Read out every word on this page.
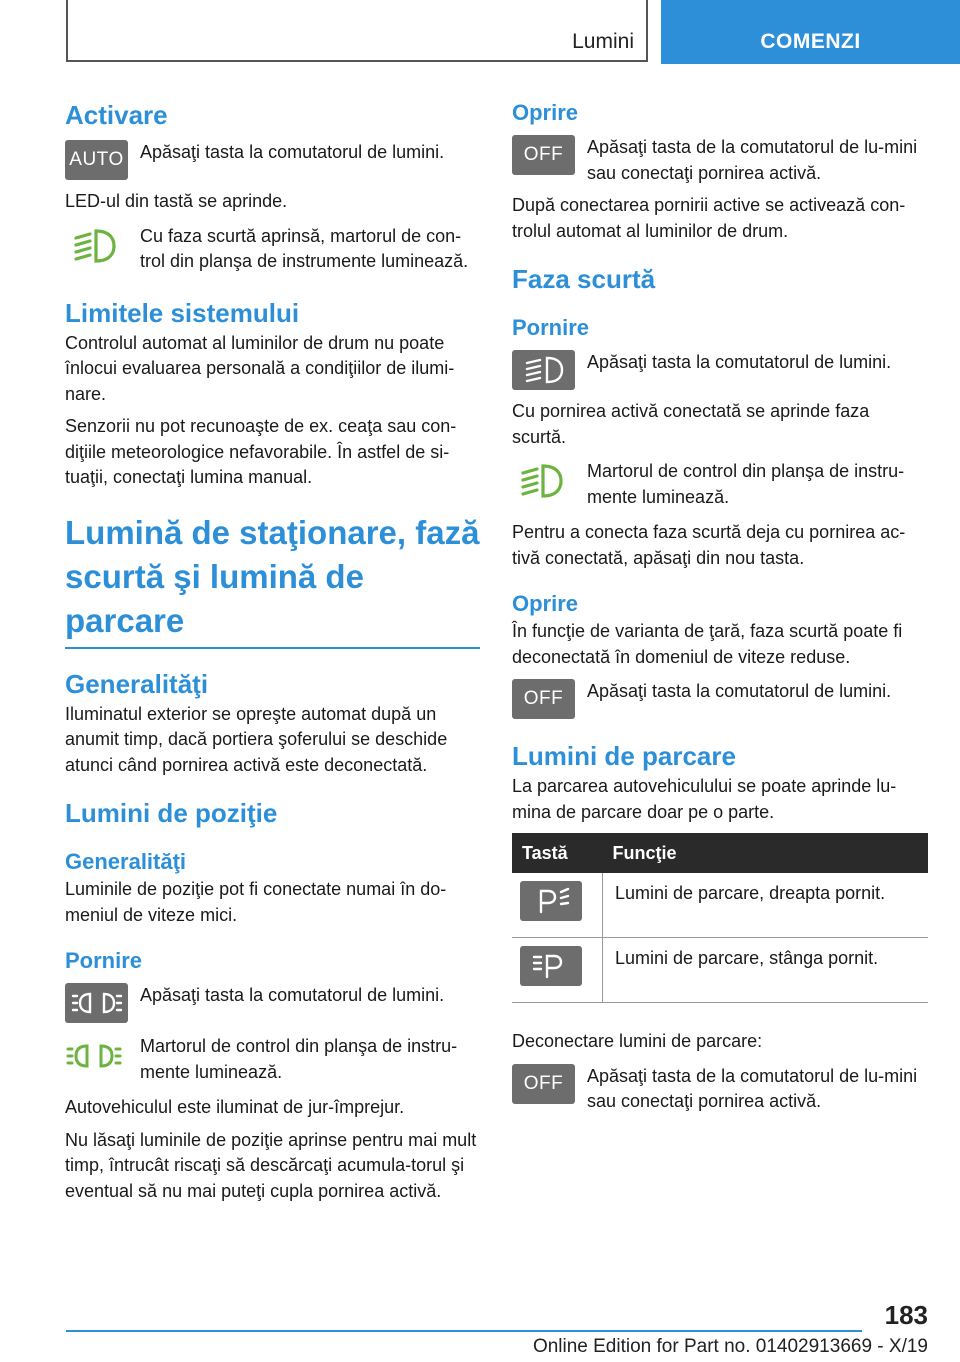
Lumini	COMENZI
Activare
AUTO Apăsaţi tasta la comutatorul de lumini.

LED-ul din tastă se aprinde.

Cu faza scurtă aprinsă, martorul de con-trol din planşa de instrumente luminează.

Limitele sistemului

Controlul automat al luminilor de drum nu poate înlocui evaluarea personală a condiţiilor de ilumi-nare.

Senzorii nu pot recunoaşte de ex. ceaţa sau con-diţiile meteorologice nefavorabile. În astfel de si-tuaţii, conectaţi lumina manual.

Lumină de staţionare, fază scurtă şi lumină de parcare
Generalităţi

Iluminatul exterior se opreşte automat după un anumit timp, dacă portiera şoferului se deschide atunci când pornirea activă este deconectată.

Lumini de poziţie
Generalităţi

Luminile de poziţie pot fi conectate numai în do-meniul de viteze mici.

Pornire

Apăsaţi tasta la comutatorul de lumini.

Martorul de control din planşa de instru-mente luminează.

Autovehiculul este iluminat de jur-împrejur.

Nu lăsaţi luminile de poziţie aprinse pentru mai mult timp, întrucât riscaţi să descărcaţi acumula-torul şi eventual să nu mai puteţi cupla pornirea activă.

Oprire
OFF Apăsaţi tasta de la comutatorul de lu-mini sau conectaţi pornirea activă.

După conectarea pornirii active se activează con-trolul automat al luminilor de drum.

Faza scurtă
Pornire

Apăsaţi tasta la comutatorul de lumini.

Cu pornirea activă conectată se aprinde faza scurtă.

Martorul de control din planşa de instru-mente luminează.

Pentru a conecta faza scurtă deja cu pornirea ac-tivă conectată, apăsaţi din nou tasta.

Oprire

În funcţie de varianta de ţară, faza scurtă poate fi deconectată în domeniul de viteze reduse.

OFF Apăsaţi tasta la comutatorul de lumini.

Lumini de parcare

La parcarea autovehiculului se poate aprinde lu-mina de parcare doar pe o parte.

Tastă	Funcţie

	Lumini de parcare, dreapta pornit.

	Lumini de parcare, stânga pornit.

Deconectare lumini de parcare:

OFF Apăsaţi tasta de la comutatorul de lu-mini sau conectaţi pornirea activă.

183
Online Edition for Part no. 01402913669 - X/19
